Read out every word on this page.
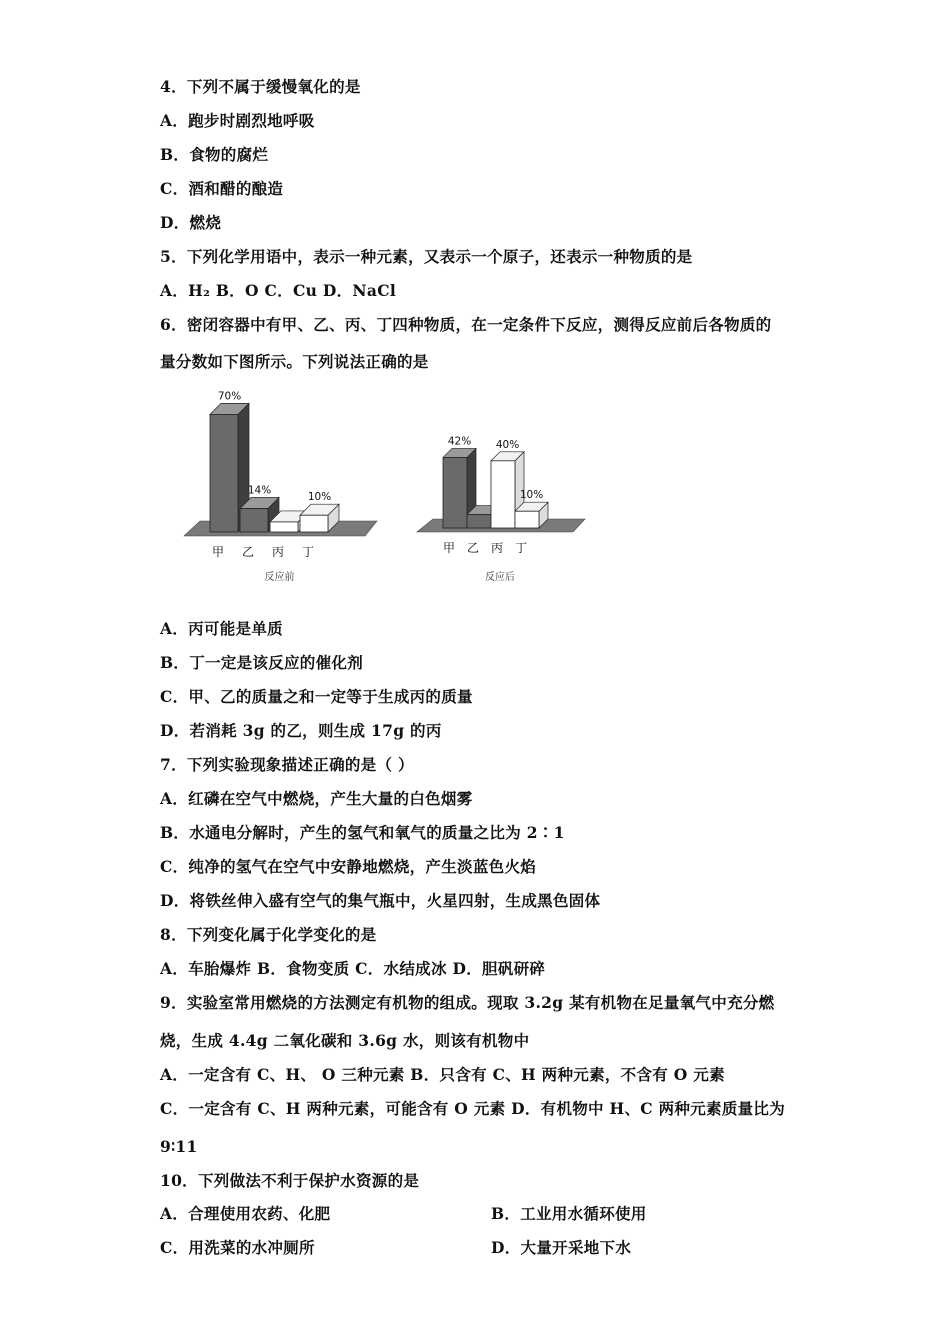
4．下列不属于缓慢氧化的是
A．跑步时剧烈地呼吸
B．食物的腐烂
C．酒和醋的酿造
D．燃烧
5．下列化学用语中，表示一种元素，又表示一个原子，还表示一种物质的是
A．H₂ B．O C．Cu D．NaCl
6．密闭容器中有甲、乙、丙、丁四种物质，在一定条件下反应，测得反应前后各物质的
量分数如下图所示。下列说法正确的是
70%
甲
14%
乙 丙
10%
丁
反应前
42%
甲 乙
40%
丙
10%
丁
反应后
A．丙可能是单质
B．丁一定是该反应的催化剂
C．甲、乙的质量之和一定等于生成丙的质量
D．若消耗 3g 的乙，则生成 17g 的丙
7．下列实验现象描述正确的是（ ）
A．红磷在空气中燃烧，产生大量的白色烟雾
B．水通电分解时，产生的氢气和氧气的质量之比为 2∶1
C．纯净的氢气在空气中安静地燃烧，产生淡蓝色火焰
D．将铁丝伸入盛有空气的集气瓶中，火星四射，生成黑色固体
8．下列变化属于化学变化的是
A．车胎爆炸 B．食物变质 C．水结成冰 D．胆矾研碎
9．实验室常用燃烧的方法测定有机物的组成。现取 3.2g 某有机物在足量氧气中充分燃
烧，生成 4.4g 二氧化碳和 3.6g 水，则该有机物中
A．一定含有 C、H、 O 三种元素 B．只含有 C、H 两种元素，不含有 O 元素
C．一定含有 C、H 两种元素，可能含有 O 元素 D．有机物中 H、C 两种元素质量比为
9∶11
10．下列做法不利于保护水资源的是
A．合理使用农药、化肥	B．工业用水循环使用
C．用洗菜的水冲厕所	D．大量开采地下水
